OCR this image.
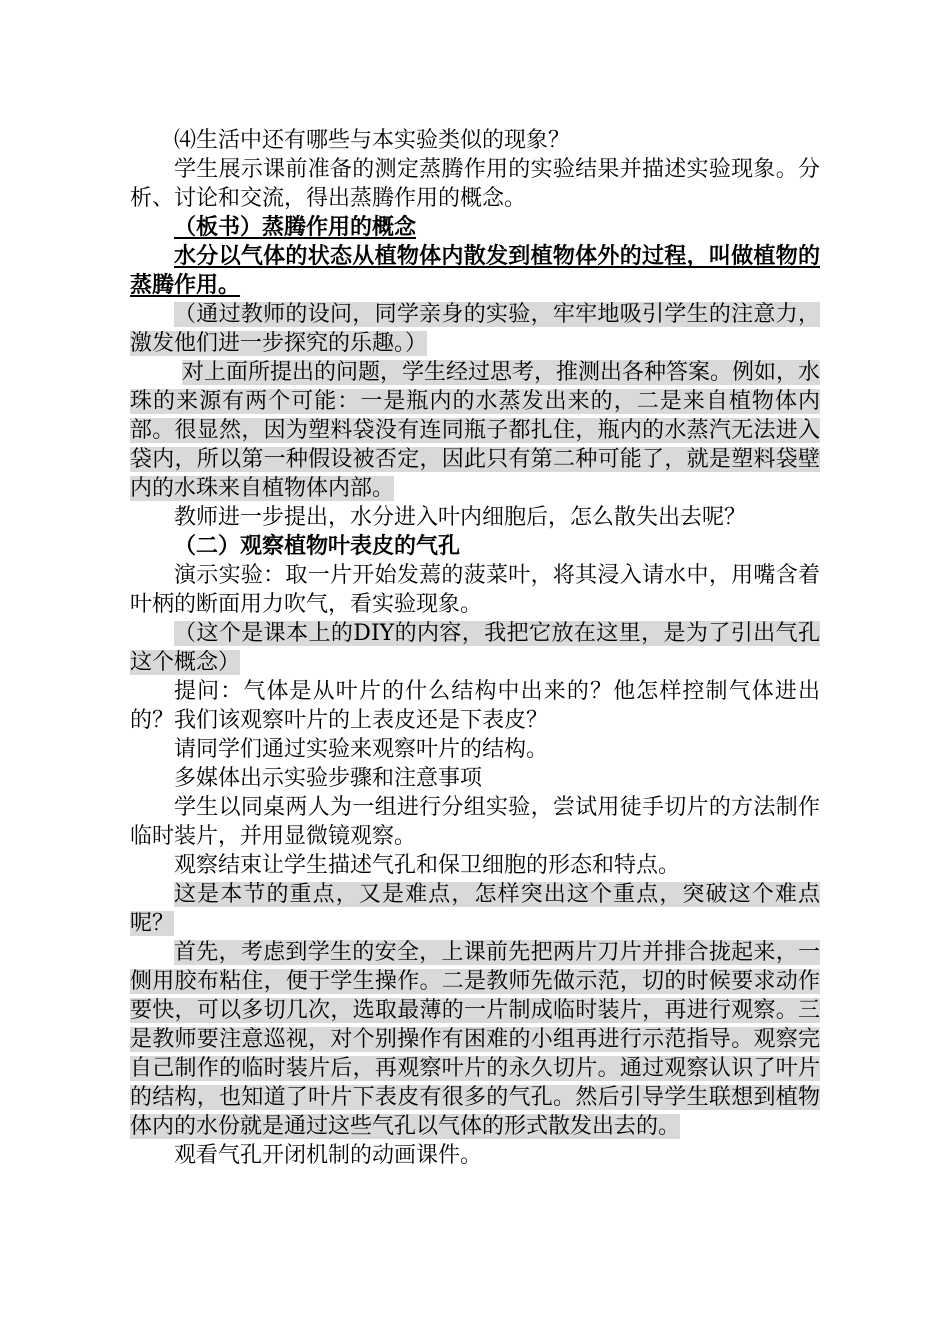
⑷生活中还有哪些与本实验类似的现象？

学生展示课前准备的测定蒸腾作用的实验结果并描述实验现象。分析、讨论和交流，得出蒸腾作用的概念。

（板书）蒸腾作用的概念

水分以气体的状态从植物体内散发到植物体外的过程，叫做植物的蒸腾作用。

（通过教师的设问，同学亲身的实验，牢牢地吸引学生的注意力，激发他们进一步探究的乐趣。）

对上面所提出的问题，学生经过思考，推测出各种答案。例如，水珠的来源有两个可能：一是瓶内的水蒸发出来的，二是来自植物体内部。很显然，因为塑料袋没有连同瓶子都扎住，瓶内的水蒸汽无法进入袋内，所以第一种假设被否定，因此只有第二种可能了，就是塑料袋壁内的水珠来自植物体内部。

教师进一步提出，水分进入叶内细胞后，怎么散失出去呢？

（二）观察植物叶表皮的气孔

演示实验：取一片开始发蔫的菠菜叶，将其浸入请水中，用嘴含着叶柄的断面用力吹气，看实验现象。

（这个是课本上的DIY的内容，我把它放在这里，是为了引出气孔这个概念）

提问：气体是从叶片的什么结构中出来的？他怎样控制气体进出的？我们该观察叶片的上表皮还是下表皮？

请同学们通过实验来观察叶片的结构。

多媒体出示实验步骤和注意事项

学生以同桌两人为一组进行分组实验，尝试用徒手切片的方法制作临时装片，并用显微镜观察。

观察结束让学生描述气孔和保卫细胞的形态和特点。

这是本节的重点，又是难点，怎样突出这个重点，突破这个难点呢？

首先，考虑到学生的安全，上课前先把两片刀片并排合拢起来，一侧用胶布粘住，便于学生操作。二是教师先做示范，切的时候要求动作要快，可以多切几次，选取最薄的一片制成临时装片，再进行观察。三是教师要注意巡视，对个别操作有困难的小组再进行示范指导。观察完自己制作的临时装片后，再观察叶片的永久切片。通过观察认识了叶片的结构，也知道了叶片下表皮有很多的气孔。然后引导学生联想到植物体内的水份就是通过这些气孔以气体的形式散发出去的。

观看气孔开闭机制的动画课件。
